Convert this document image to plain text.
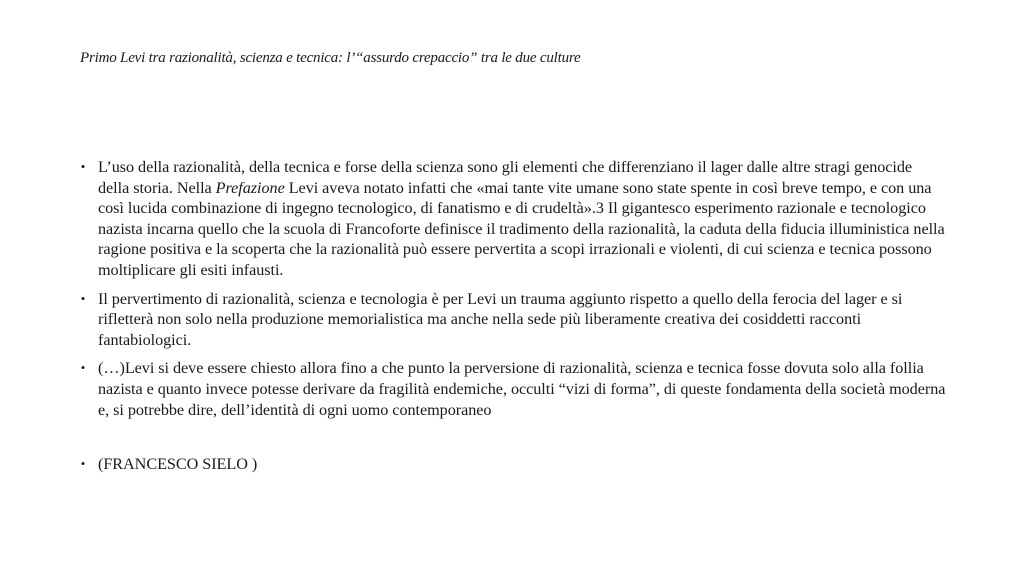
Primo Levi tra razionalità, scienza e tecnica: l’“assurdo crepaccio” tra le due culture
• L’uso della razionalità, della tecnica e forse della scienza sono gli elementi che differenziano il lager dalle altre stragi genocide della storia. Nella Prefazione Levi aveva notato infatti che «mai tante vite umane sono state spente in così breve tempo, e con una così lucida combinazione di ingegno tecnologico, di fanatismo e di crudeltà».3 Il gigantesco esperimento razionale e tecnologico nazista incarna quello che la scuola di Francoforte definisce il tradimento della razionalità, la caduta della fiducia illuministica nella ragione positiva e la scoperta che la razionalità può essere pervertita a scopi irrazionali e violenti, di cui scienza e tecnica possono moltiplicare gli esiti infausti.
• Il pervertimento di razionalità, scienza e tecnologia è per Levi un trauma aggiunto rispetto a quello della ferocia del lager e si rifletterà non solo nella produzione memorialistica ma anche nella sede più liberamente creativa dei cosiddetti racconti fantabiologici.
• (…)Levi si deve essere chiesto allora fino a che punto la perversione di razionalità, scienza e tecnica fosse dovuta solo alla follia nazista e quanto invece potesse derivare da fragilità endemiche, occulti “vizi di forma”, di queste fondamenta della società moderna e, si potrebbe dire, dell’identità di ogni uomo contemporaneo
• (FRANCESCO SIELO )
